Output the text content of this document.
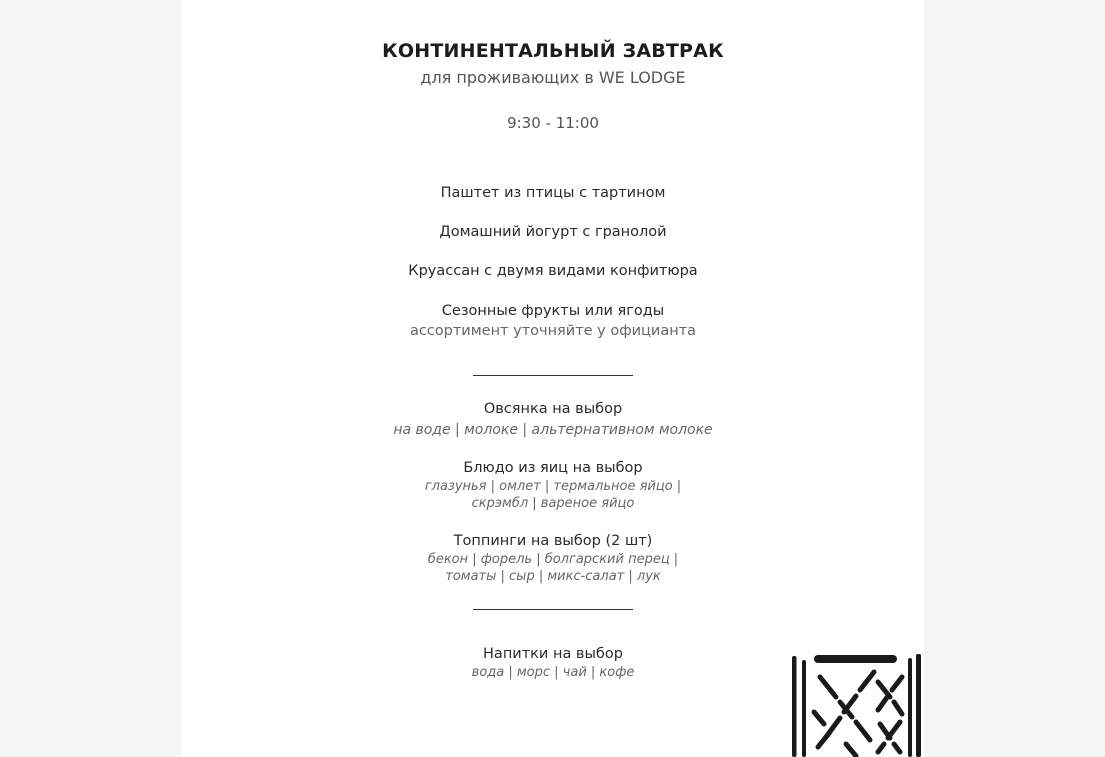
КОНТИНЕНТАЛЬНЫЙ ЗАВТРАК

для проживающих в WE LODGE

9:30 - 11:00

Паштет из птицы с тартином

Домашний йогурт с гранолой

Круассан с двумя видами конфитюра

Сезонные фрукты или ягоды

ассортимент уточняйте у официанта

Овсянка на выбор

на воде | молоке | альтернативном молоке

Блюдо из яиц на выбор

глазунья | омлет | термальное яйцо |

скрэмбл | вареное яйцо

Топпинги на выбор (2 шт)

бекон | форель | болгарский перец |

томаты | сыр | микс-салат | лук

Напитки на выбор

вода | морс | чай | кофе
